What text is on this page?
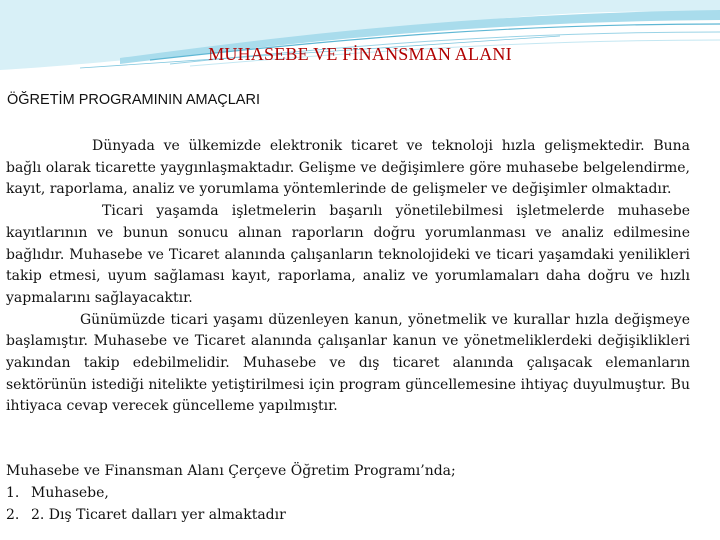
MUHASEBE VE FİNANSMAN ALANI
ÖĞRETİM PROGRAMININ AMAÇLARI

Dünyada ve ülkemizde elektronik ticaret ve teknoloji hızla gelişmektedir. Buna bağlı olarak ticarette yaygınlaşmaktadır. Gelişme ve değişimlere göre muhasebe belgelendirme, kayıt, raporlama, analiz ve yorumlama yöntemlerinde de gelişmeler ve değişimler olmaktadır.

Ticari yaşamda işletmelerin başarılı yönetilebilmesi işletmelerde muhasebe kayıtlarının ve bunun sonucu alınan raporların doğru yorumlanması ve analiz edilmesine bağlıdır. Muhasebe ve Ticaret alanında çalışanların teknolojideki ve ticari yaşamdaki yenilikleri takip etmesi, uyum sağlaması kayıt, raporlama, analiz ve yorumlamaları daha doğru ve hızlı yapmalarını sağlayacaktır.

Günümüzde ticari yaşamı düzenleyen kanun, yönetmelik ve kurallar hızla değişmeye başlamıştır. Muhasebe ve Ticaret alanında çalışanlar kanun ve yönetmeliklerdeki değişiklikleri yakından takip edebilmelidir. Muhasebe ve dış ticaret alanında çalışacak elemanların sektörünün istediği nitelikte yetiştirilmesi için program güncellemesine ihtiyaç duyulmuştur. Bu ihtiyaca cevap verecek güncelleme yapılmıştır.

Muhasebe ve Finansman Alanı Çerçeve Öğretim Programı’nda;
1. Muhasebe,
2. 2. Dış Ticaret dalları yer almaktadır
